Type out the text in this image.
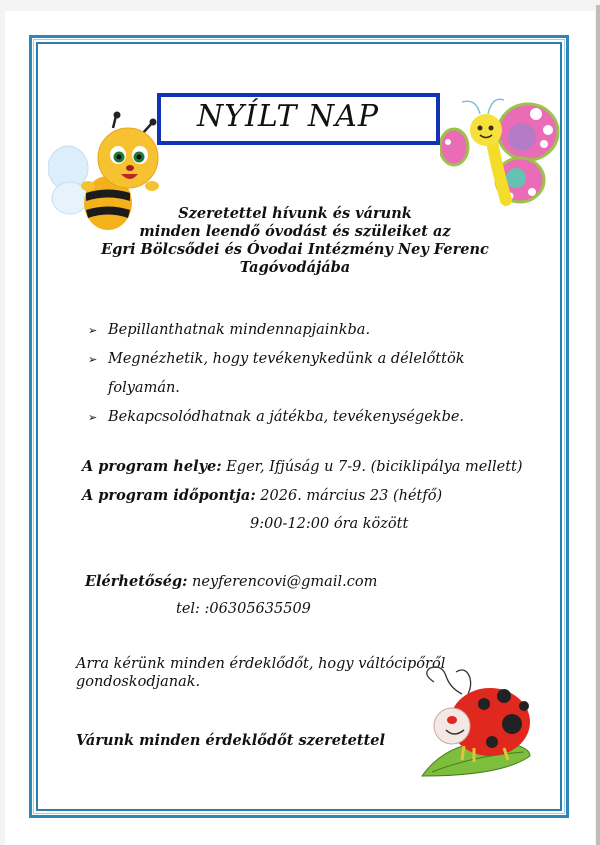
NYÍLT NAP
Szeretettel hívunk és várunk
minden leendő óvodást és szüleiket az
Egri Bölcsődei és Óvodai Intézmény Ney Ferenc
Tagóvodájába
➢ Bepillanthatnak mindennapjainkba.
➢ Megnézhetik, hogy tevékenykedünk a délelőttök
folyamán.
➢ Bekapcsolódhatnak a játékba, tevékenységekbe.
A program helye: Eger, Ifjúság u 7-9. (biciklipálya mellett)
A program időpontja: 2026. március 23 (hétfő)
9:00-12:00 óra között
Elérhetőség: neyferencovi@gmail.com
tel: :06305635509
Arra kérünk minden érdeklődőt, hogy váltócipőről
gondoskodjanak.
Várunk minden érdeklődőt szeretettel
